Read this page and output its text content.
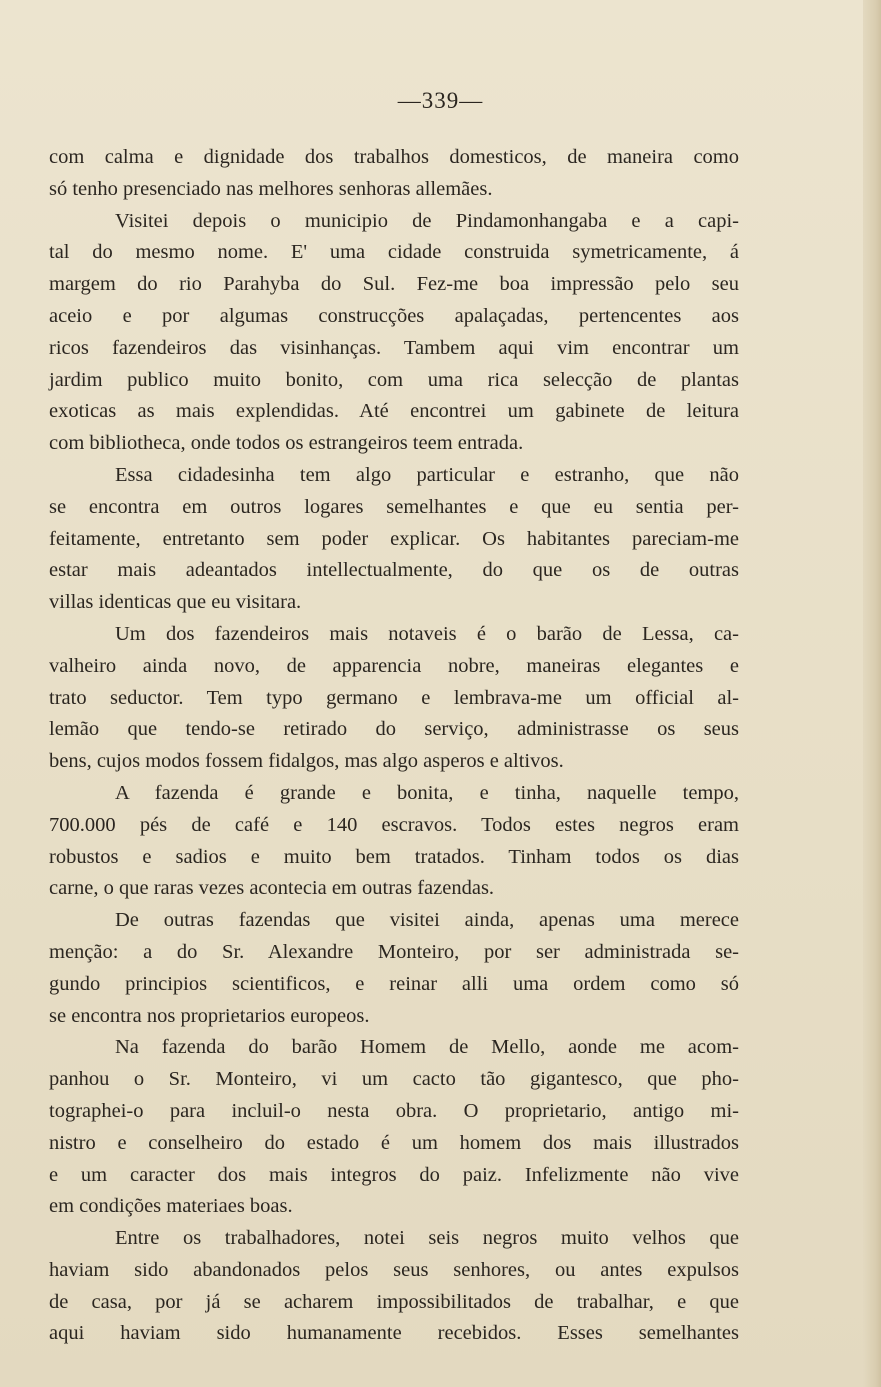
—339—

com calma e dignidade dos trabalhos domesticos, de maneira como

só tenho presenciado nas melhores senhoras allemães.

Visitei depois o municipio de Pindamonhangaba e a capi-

tal do mesmo nome. E' uma cidade construida symetricamente, á

margem do rio Parahyba do Sul. Fez-me boa impressão pelo seu

aceio e por algumas construcções apalaçadas, pertencentes aos

ricos fazendeiros das visinhanças. Tambem aqui vim encontrar um

jardim publico muito bonito, com uma rica selecção de plantas

exoticas as mais explendidas. Até encontrei um gabinete de leitura

com bibliotheca, onde todos os estrangeiros teem entrada.

Essa cidadesinha tem algo particular e estranho, que não

se encontra em outros logares semelhantes e que eu sentia per-

feitamente, entretanto sem poder explicar. Os habitantes pareciam-me

estar mais adeantados intellectualmente, do que os de outras

villas identicas que eu visitara.

Um dos fazendeiros mais notaveis é o barão de Lessa, ca-

valheiro ainda novo, de apparencia nobre, maneiras elegantes e

trato seductor. Tem typo germano e lembrava-me um official al-

lemão que tendo-se retirado do serviço, administrasse os seus

bens, cujos modos fossem fidalgos, mas algo asperos e altivos.

A fazenda é grande e bonita, e tinha, naquelle tempo,

700.000 pés de café e 140 escravos. Todos estes negros eram

robustos e sadios e muito bem tratados. Tinham todos os dias

carne, o que raras vezes acontecia em outras fazendas.

De outras fazendas que visitei ainda, apenas uma merece

menção: a do Sr. Alexandre Monteiro, por ser administrada se-

gundo principios scientificos, e reinar alli uma ordem como só

se encontra nos proprietarios europeos.

Na fazenda do barão Homem de Mello, aonde me acom-

panhou o Sr. Monteiro, vi um cacto tão gigantesco, que pho-

tographei-o para incluil-o nesta obra. O proprietario, antigo mi-

nistro e conselheiro do estado é um homem dos mais illustrados

e um caracter dos mais integros do paiz. Infelizmente não vive

em condições materiaes boas.

Entre os trabalhadores, notei seis negros muito velhos que

haviam sido abandonados pelos seus senhores, ou antes expulsos

de casa, por já se acharem impossibilitados de trabalhar, e que

aqui haviam sido humanamente recebidos. Esses semelhantes
